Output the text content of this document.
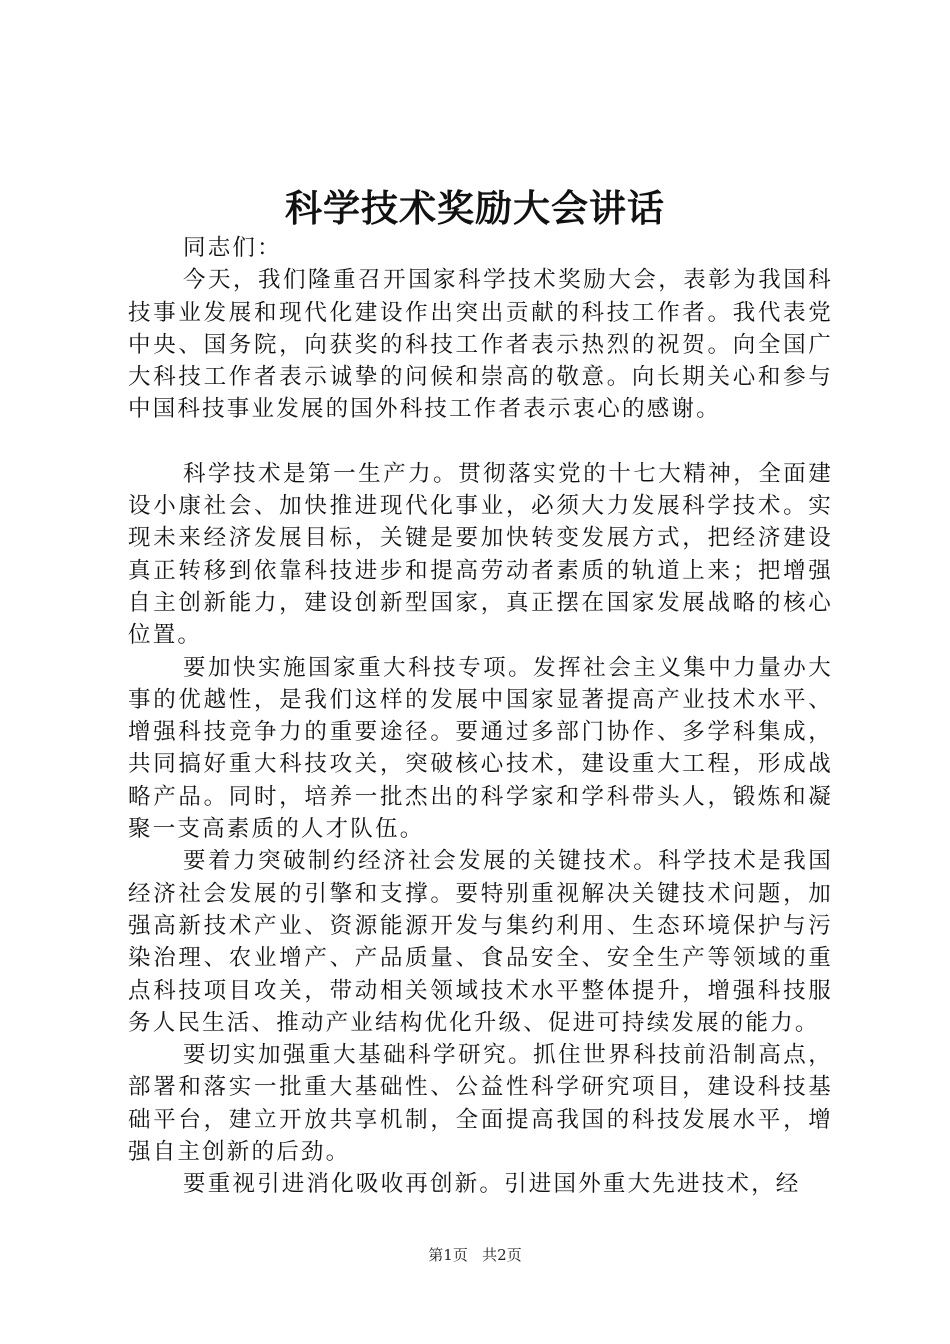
科学技术奖励大会讲话

同志们：

今天，我们隆重召开国家科学技术奖励大会，表彰为我国科技事业发展和现代化建设作出突出贡献的科技工作者。我代表党中央、国务院，向获奖的科技工作者表示热烈的祝贺。向全国广大科技工作者表示诚挚的问候和崇高的敬意。向长期关心和参与中国科技事业发展的国外科技工作者表示衷心的感谢。

科学技术是第一生产力。贯彻落实党的十七大精神，全面建设小康社会、加快推进现代化事业，必须大力发展科学技术。实现未来经济发展目标，关键是要加快转变发展方式，把经济建设真正转移到依靠科技进步和提高劳动者素质的轨道上来；把增强自主创新能力，建设创新型国家，真正摆在国家发展战略的核心位置。

要加快实施国家重大科技专项。发挥社会主义集中力量办大事的优越性，是我们这样的发展中国家显著提高产业技术水平、增强科技竞争力的重要途径。要通过多部门协作、多学科集成，共同搞好重大科技攻关，突破核心技术，建设重大工程，形成战略产品。同时，培养一批杰出的科学家和学科带头人，锻炼和凝聚一支高素质的人才队伍。

要着力突破制约经济社会发展的关键技术。科学技术是我国经济社会发展的引擎和支撑。要特别重视解决关键技术问题，加强高新技术产业、资源能源开发与集约利用、生态环境保护与污染治理、农业增产、产品质量、食品安全、安全生产等领域的重点科技项目攻关，带动相关领域技术水平整体提升，增强科技服务人民生活、推动产业结构优化升级、促进可持续发展的能力。

要切实加强重大基础科学研究。抓住世界科技前沿制高点，部署和落实一批重大基础性、公益性科学研究项目，建设科技基础平台，建立开放共享机制，全面提高我国的科技发展水平，增强自主创新的后劲。

要重视引进消化吸收再创新。引进国外重大先进技术，经

第1页 共2页
